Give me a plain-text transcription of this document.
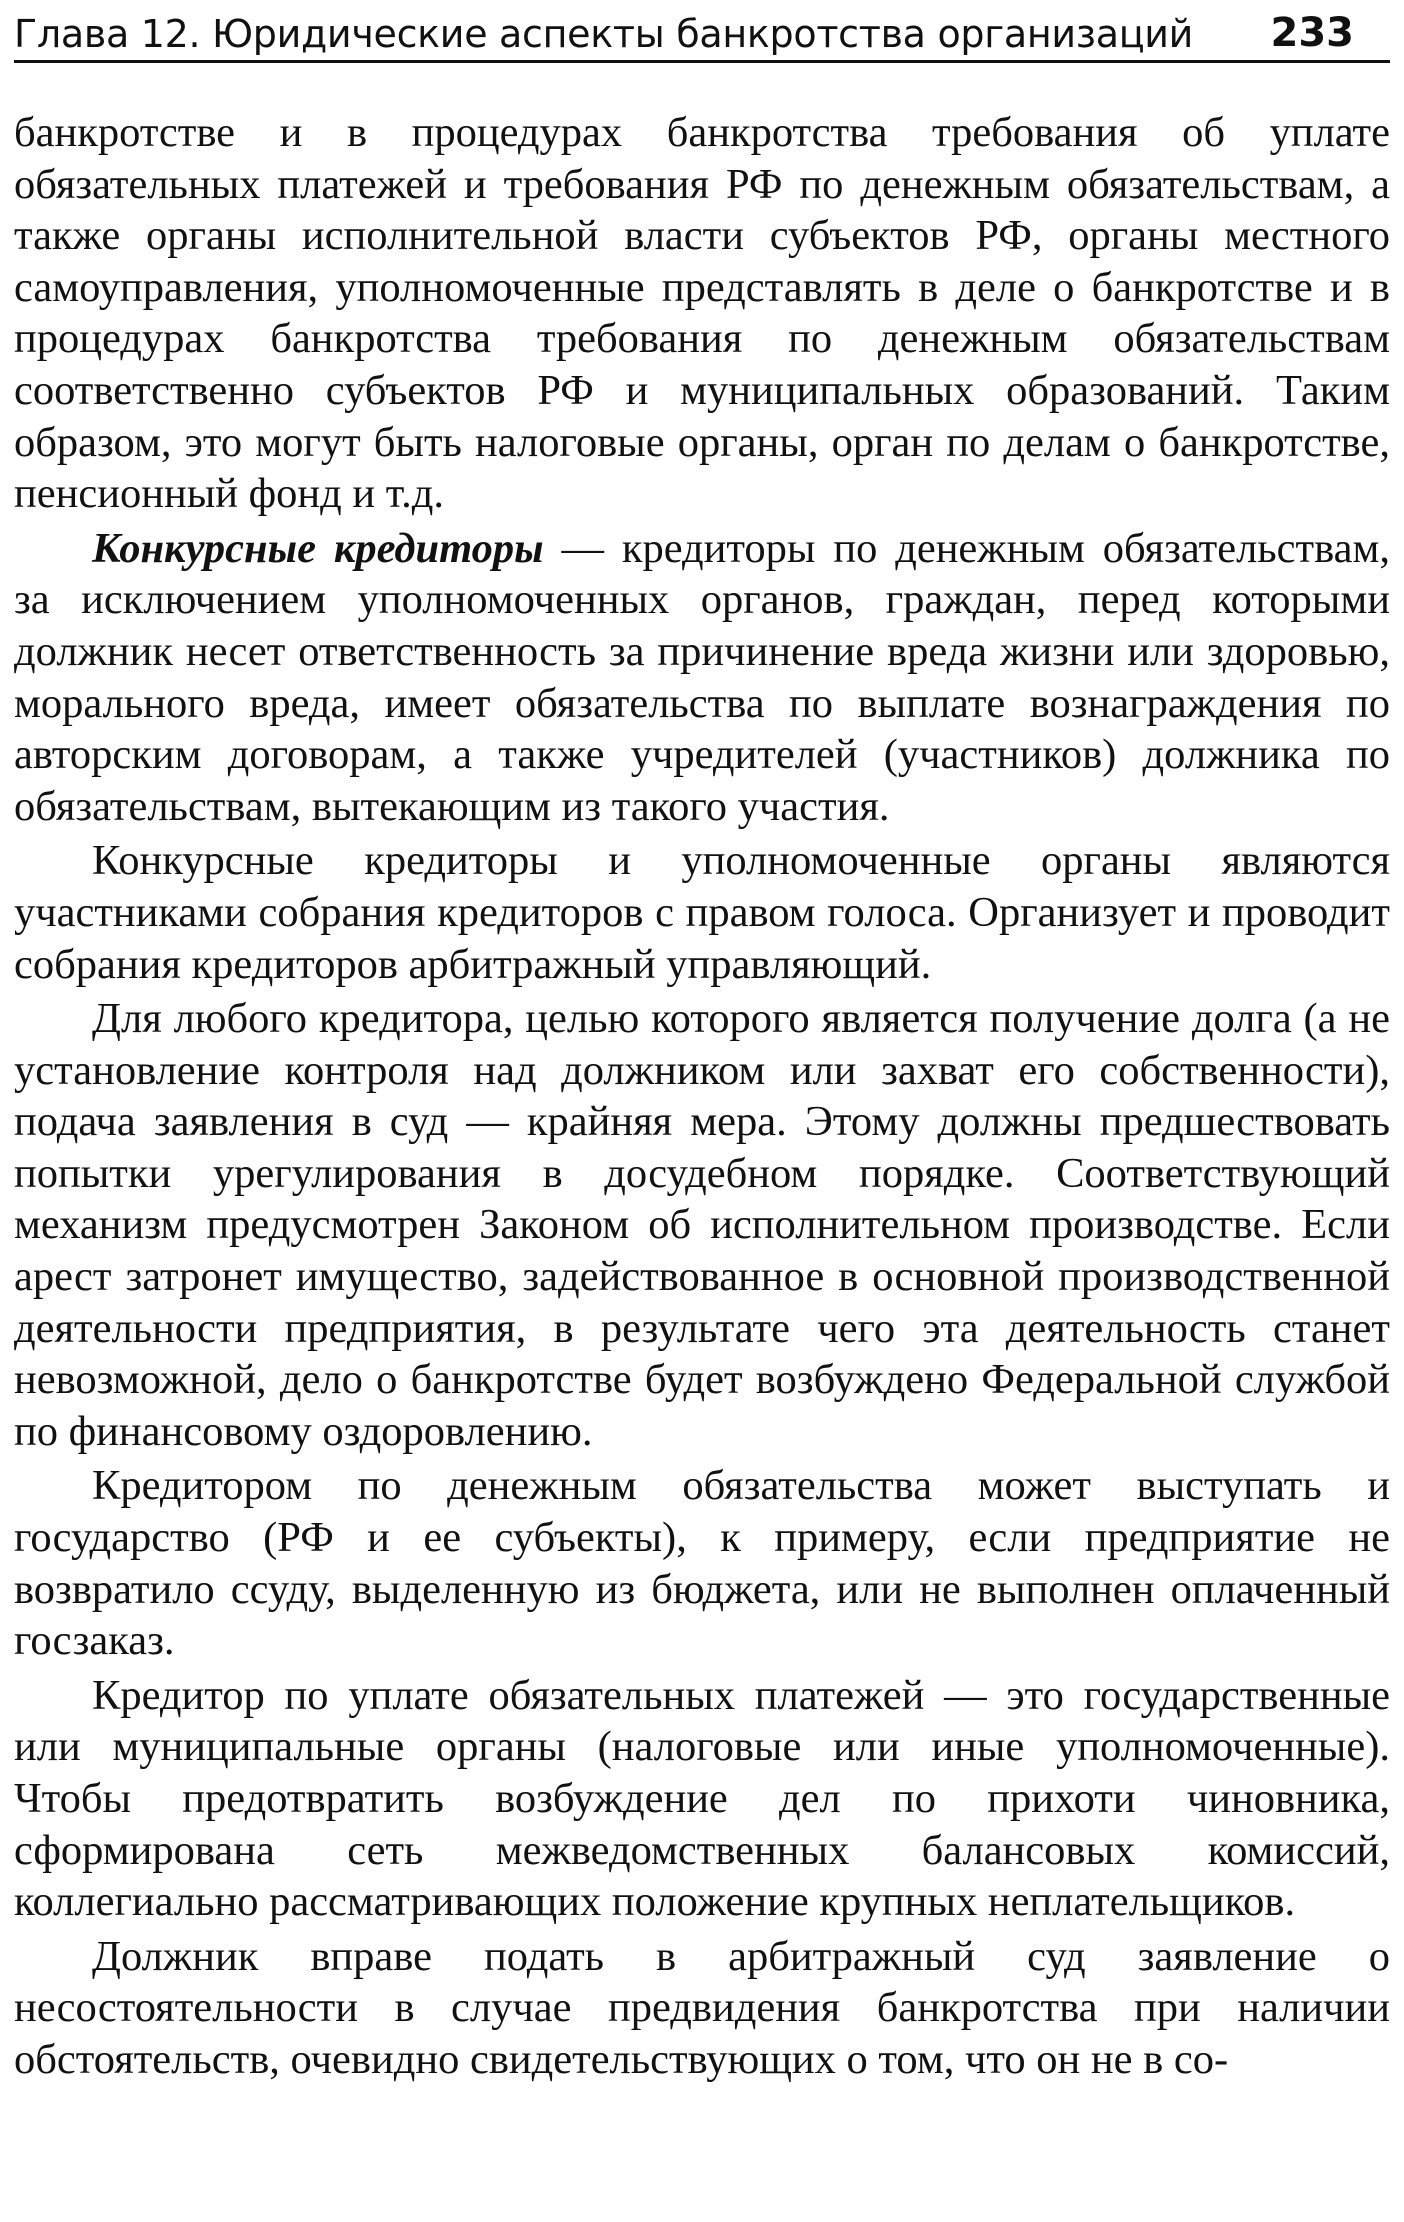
Глава 12. Юридические аспекты банкротства организаций 233

банкротстве и в процедурах банкротства требования об уплате обязательных платежей и требования РФ по денежным обязательствам, а также органы исполнительной власти субъектов РФ, органы местного самоуправления, уполномоченные представлять в деле о банкротстве и в процедурах банкротства требования по денежным обязательствам соответственно субъектов РФ и муниципальных образований. Таким образом, это могут быть налоговые органы, орган по делам о банкротстве, пенсионный фонд и т.д.

Конкурсные кредиторы — кредиторы по денежным обязательствам, за исключением уполномоченных органов, граждан, перед которыми должник несет ответственность за причинение вреда жизни или здоровью, морального вреда, имеет обязательства по выплате вознаграждения по авторским договорам, а также учредителей (участников) должника по обязательствам, вытекающим из такого участия.

Конкурсные кредиторы и уполномоченные органы являются участниками собрания кредиторов с правом голоса. Организует и проводит собрания кредиторов арбитражный управляющий.

Для любого кредитора, целью которого является получение долга (а не установление контроля над должником или захват его собственности), подача заявления в суд — крайняя мера. Этому должны предшествовать попытки урегулирования в досудебном порядке. Соответствующий механизм предусмотрен Законом об исполнительном производстве. Если арест затронет имущество, задействованное в основной производственной деятельности предприятия, в результате чего эта деятельность станет невозможной, дело о банкротстве будет возбуждено Федеральной службой по финансовому оздоровлению.

Кредитором по денежным обязательства может выступать и государство (РФ и ее субъекты), к примеру, если предприятие не возвратило ссуду, выделенную из бюджета, или не выполнен оплаченный госзаказ.

Кредитор по уплате обязательных платежей — это государственные или муниципальные органы (налоговые или иные уполномоченные). Чтобы предотвратить возбуждение дел по прихоти чиновника, сформирована сеть межведомственных балансовых комиссий, коллегиально рассматривающих положение крупных неплательщиков.

Должник вправе подать в арбитражный суд заявление о несостоятельности в случае предвидения банкротства при наличии обстоятельств, очевидно свидетельствующих о том, что он не в со-
